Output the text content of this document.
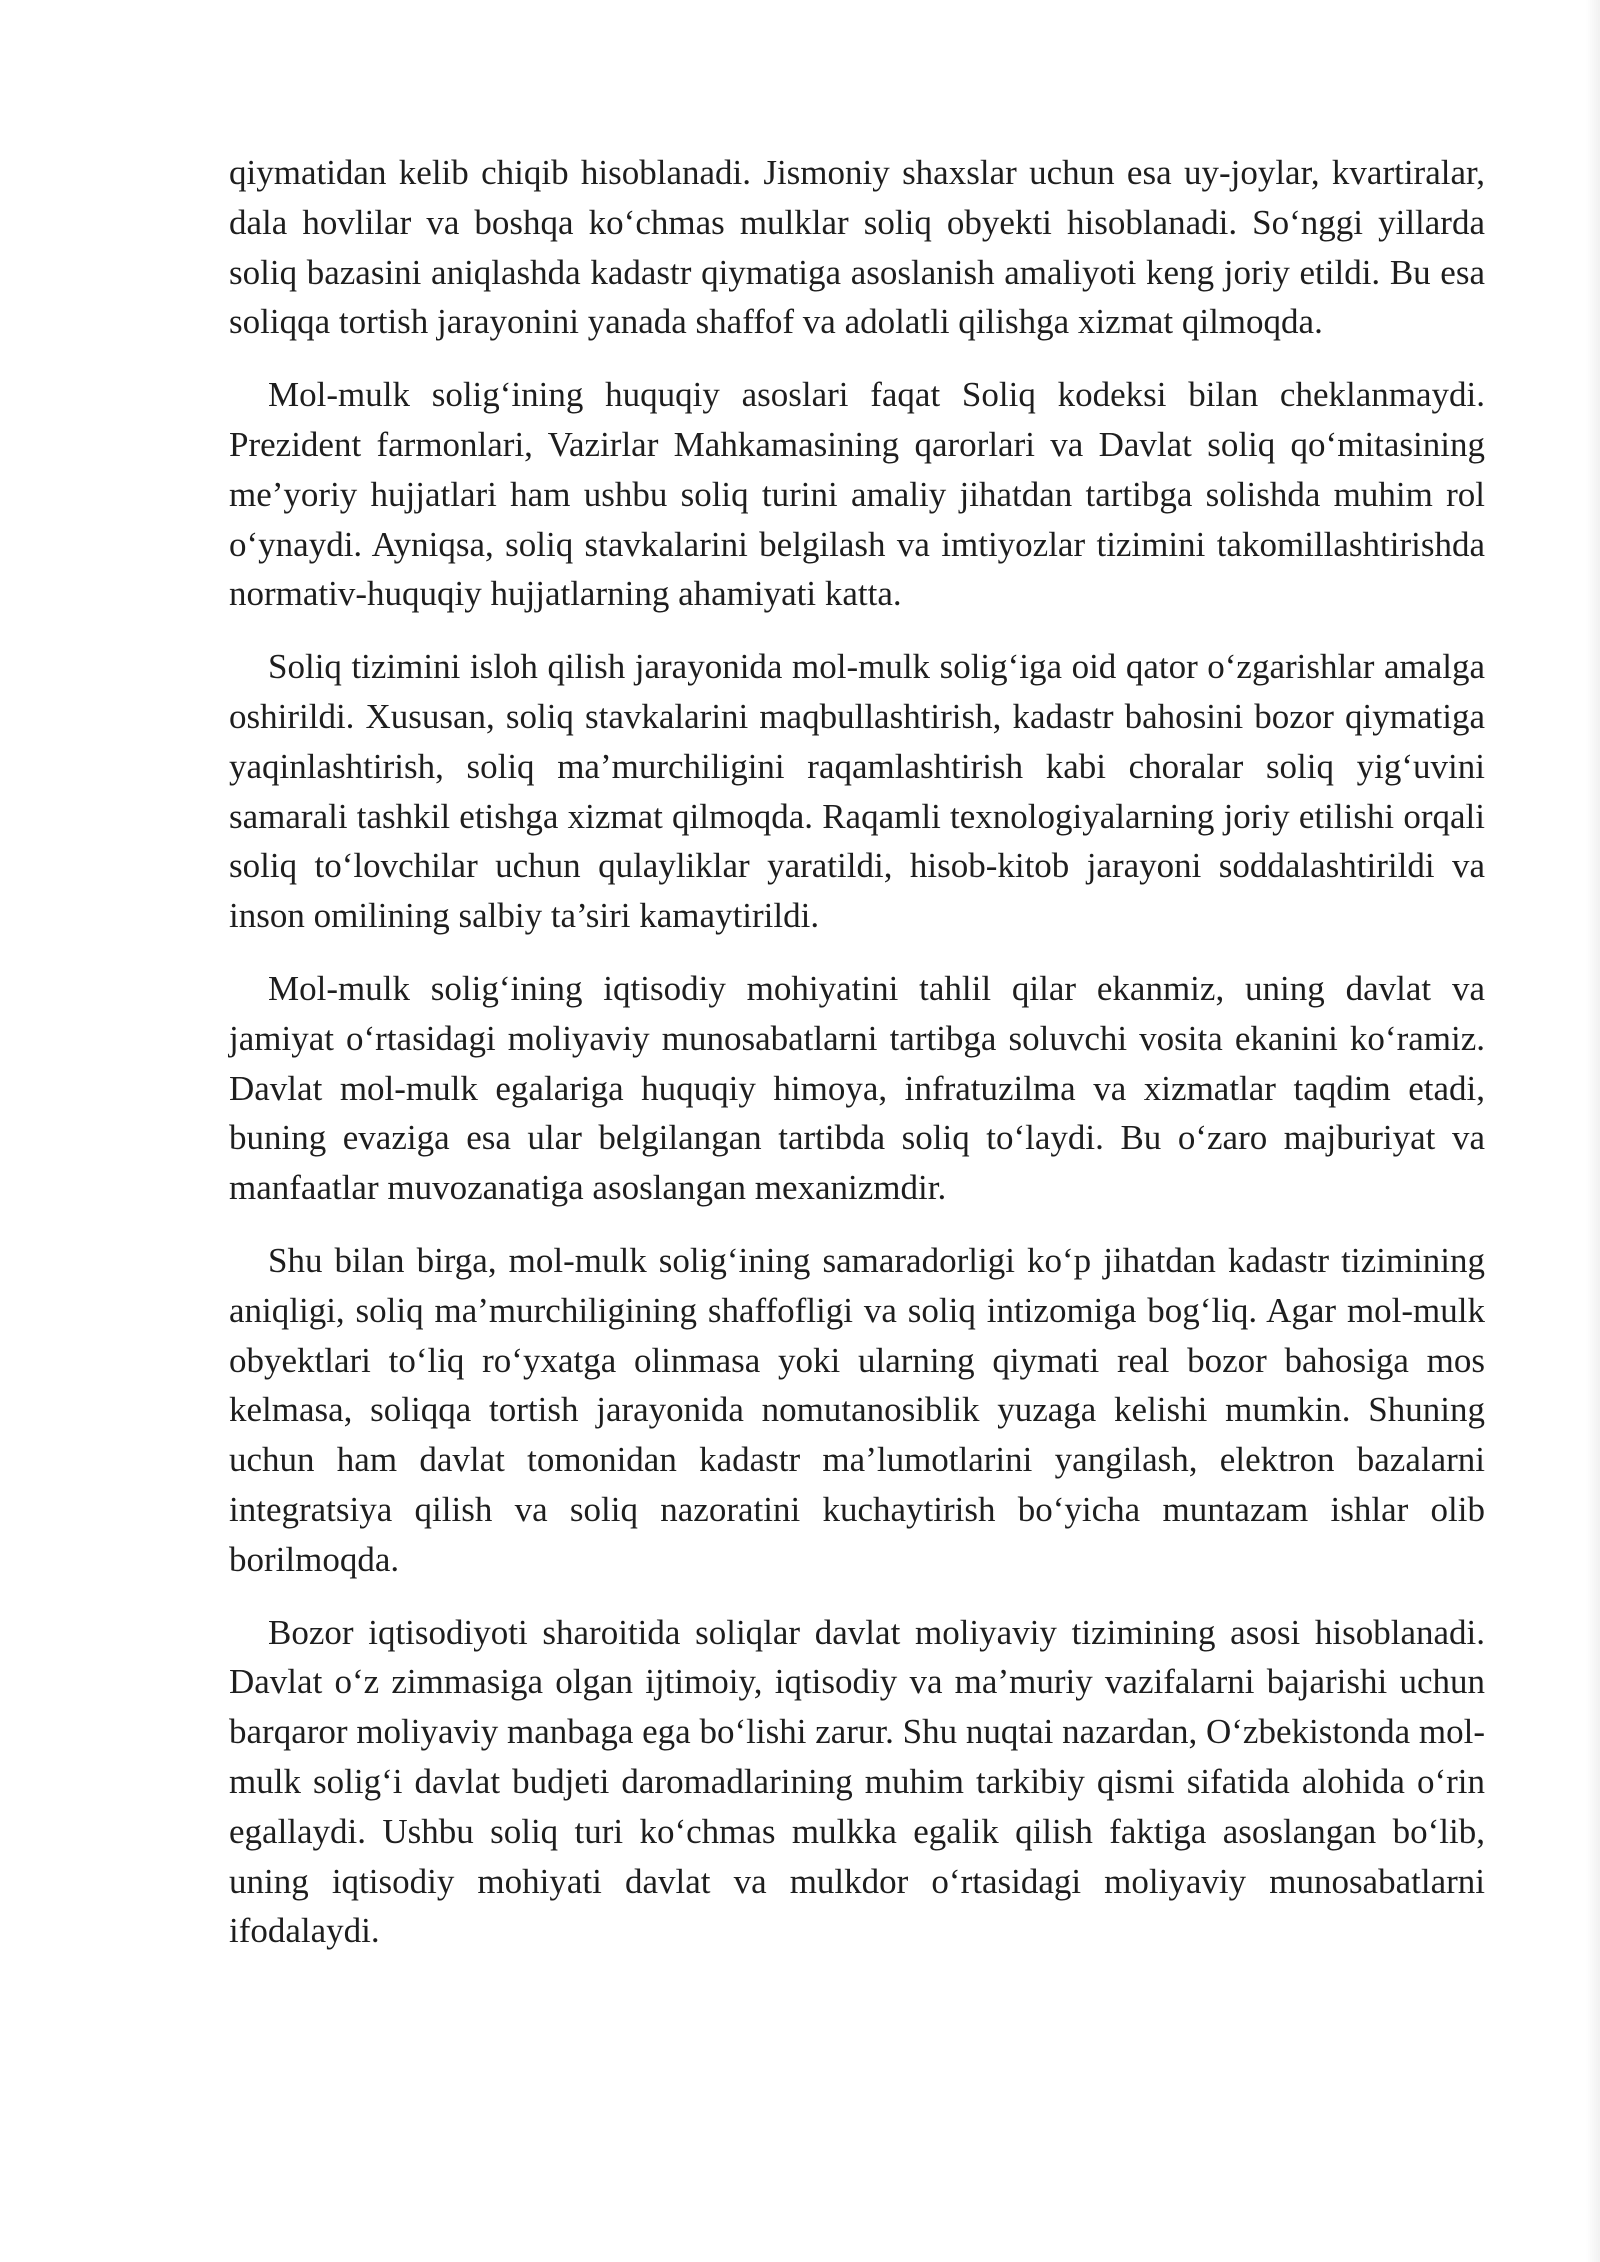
qiymatidan kelib chiqib hisoblanadi. Jismoniy shaxslar uchun esa uy-joylar, kvartiralar, dala hovlilar va boshqa ko‘chmas mulklar soliq obyekti hisoblanadi. So‘nggi yillarda soliq bazasini aniqlashda kadastr qiymatiga asoslanish amaliyoti keng joriy etildi. Bu esa soliqqa tortish jarayonini yanada shaffof va adolatli qilishga xizmat qilmoqda.

Mol-mulk solig‘ining huquqiy asoslari faqat Soliq kodeksi bilan cheklanmaydi. Prezident farmonlari, Vazirlar Mahkamasining qarorlari va Davlat soliq qo‘mitasining me’yoriy hujjatlari ham ushbu soliq turini amaliy jihatdan tartibga solishda muhim rol o‘ynaydi. Ayniqsa, soliq stavkalarini belgilash va imtiyozlar tizimini takomillashtirishda normativ-huquqiy hujjatlarning ahamiyati katta.

Soliq tizimini isloh qilish jarayonida mol-mulk solig‘iga oid qator o‘zgarishlar amalga oshirildi. Xususan, soliq stavkalarini maqbullashtirish, kadastr bahosini bozor qiymatiga yaqinlashtirish, soliq ma’murchiligini raqamlashtirish kabi choralar soliq yig‘uvini samarali tashkil etishga xizmat qilmoqda. Raqamli texnologiyalarning joriy etilishi orqali soliq to‘lovchilar uchun qulayliklar yaratildi, hisob-kitob jarayoni soddalashtirildi va inson omilining salbiy ta’siri kamaytirildi.

Mol-mulk solig‘ining iqtisodiy mohiyatini tahlil qilar ekanmiz, uning davlat va jamiyat o‘rtasidagi moliyaviy munosabatlarni tartibga soluvchi vosita ekanini ko‘ramiz. Davlat mol-mulk egalariga huquqiy himoya, infratuzilma va xizmatlar taqdim etadi, buning evaziga esa ular belgilangan tartibda soliq to‘laydi. Bu o‘zaro majburiyat va manfaatlar muvozanatiga asoslangan mexanizmdir.

Shu bilan birga, mol-mulk solig‘ining samaradorligi ko‘p jihatdan kadastr tizimining aniqligi, soliq ma’murchiligining shaffofligi va soliq intizomiga bog‘liq. Agar mol-mulk obyektlari to‘liq ro‘yxatga olinmasa yoki ularning qiymati real bozor bahosiga mos kelmasa, soliqqa tortish jarayonida nomutanosiblik yuzaga kelishi mumkin. Shuning uchun ham davlat tomonidan kadastr ma’lumotlarini yangilash, elektron bazalarni integratsiya qilish va soliq nazoratini kuchaytirish bo‘yicha muntazam ishlar olib borilmoqda.

Bozor iqtisodiyoti sharoitida soliqlar davlat moliyaviy tizimining asosi hisoblanadi. Davlat o‘z zimmasiga olgan ijtimoiy, iqtisodiy va ma’muriy vazifalarni bajarishi uchun barqaror moliyaviy manbaga ega bo‘lishi zarur. Shu nuqtai nazardan, O‘zbekistonda mol-mulk solig‘i davlat budjeti daromadlarining muhim tarkibiy qismi sifatida alohida o‘rin egallaydi. Ushbu soliq turi ko‘chmas mulkka egalik qilish faktiga asoslangan bo‘lib, uning iqtisodiy mohiyati davlat va mulkdor o‘rtasidagi moliyaviy munosabatlarni ifodalaydi.
